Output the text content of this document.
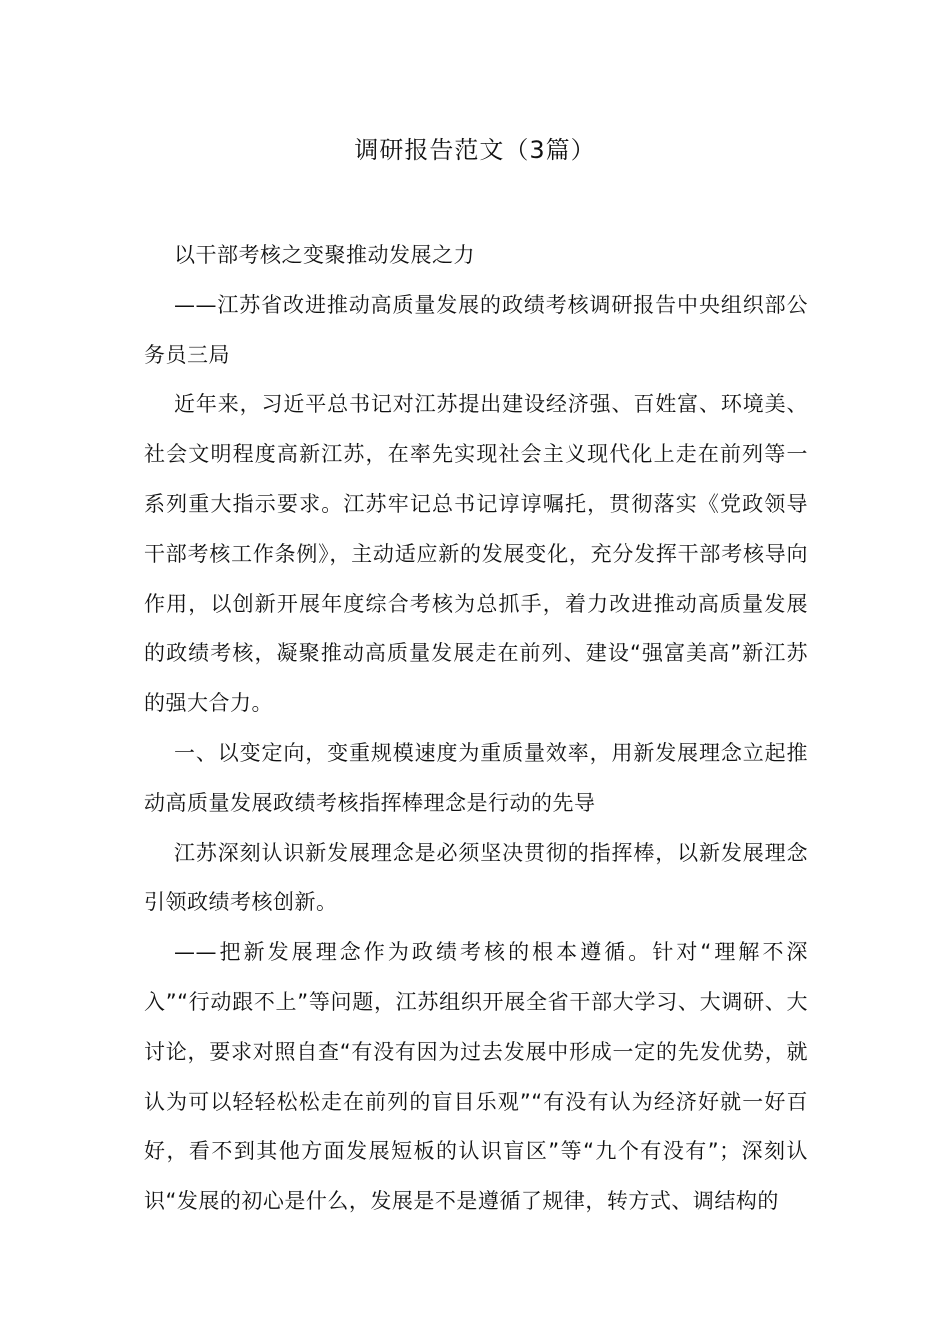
调研报告范文（3篇）

以干部考核之变聚推动发展之力

——江苏省改进推动高质量发展的政绩考核调研报告中央组织部公务员三局

近年来，习近平总书记对江苏提出建设经济强、百姓富、环境美、社会文明程度高新江苏，在率先实现社会主义现代化上走在前列等一系列重大指示要求。江苏牢记总书记谆谆嘱托，贯彻落实《党政领导干部考核工作条例》，主动适应新的发展变化，充分发挥干部考核导向作用，以创新开展年度综合考核为总抓手，着力改进推动高质量发展的政绩考核，凝聚推动高质量发展走在前列、建设“强富美高”新江苏的强大合力。

一、以变定向，变重规模速度为重质量效率，用新发展理念立起推动高质量发展政绩考核指挥棒理念是行动的先导

江苏深刻认识新发展理念是必须坚决贯彻的指挥棒，以新发展理念引领政绩考核创新。

——把新发展理念作为政绩考核的根本遵循。针对“理解不深入”“行动跟不上”等问题，江苏组织开展全省干部大学习、大调研、大讨论，要求对照自查“有没有因为过去发展中形成一定的先发优势，就认为可以轻轻松松走在前列的盲目乐观”“有没有认为经济好就一好百好，看不到其他方面发展短板的认识盲区”等“九个有没有”；深刻认识“发展的初心是什么，发展是不是遵循了规律，转方式、调结构的
